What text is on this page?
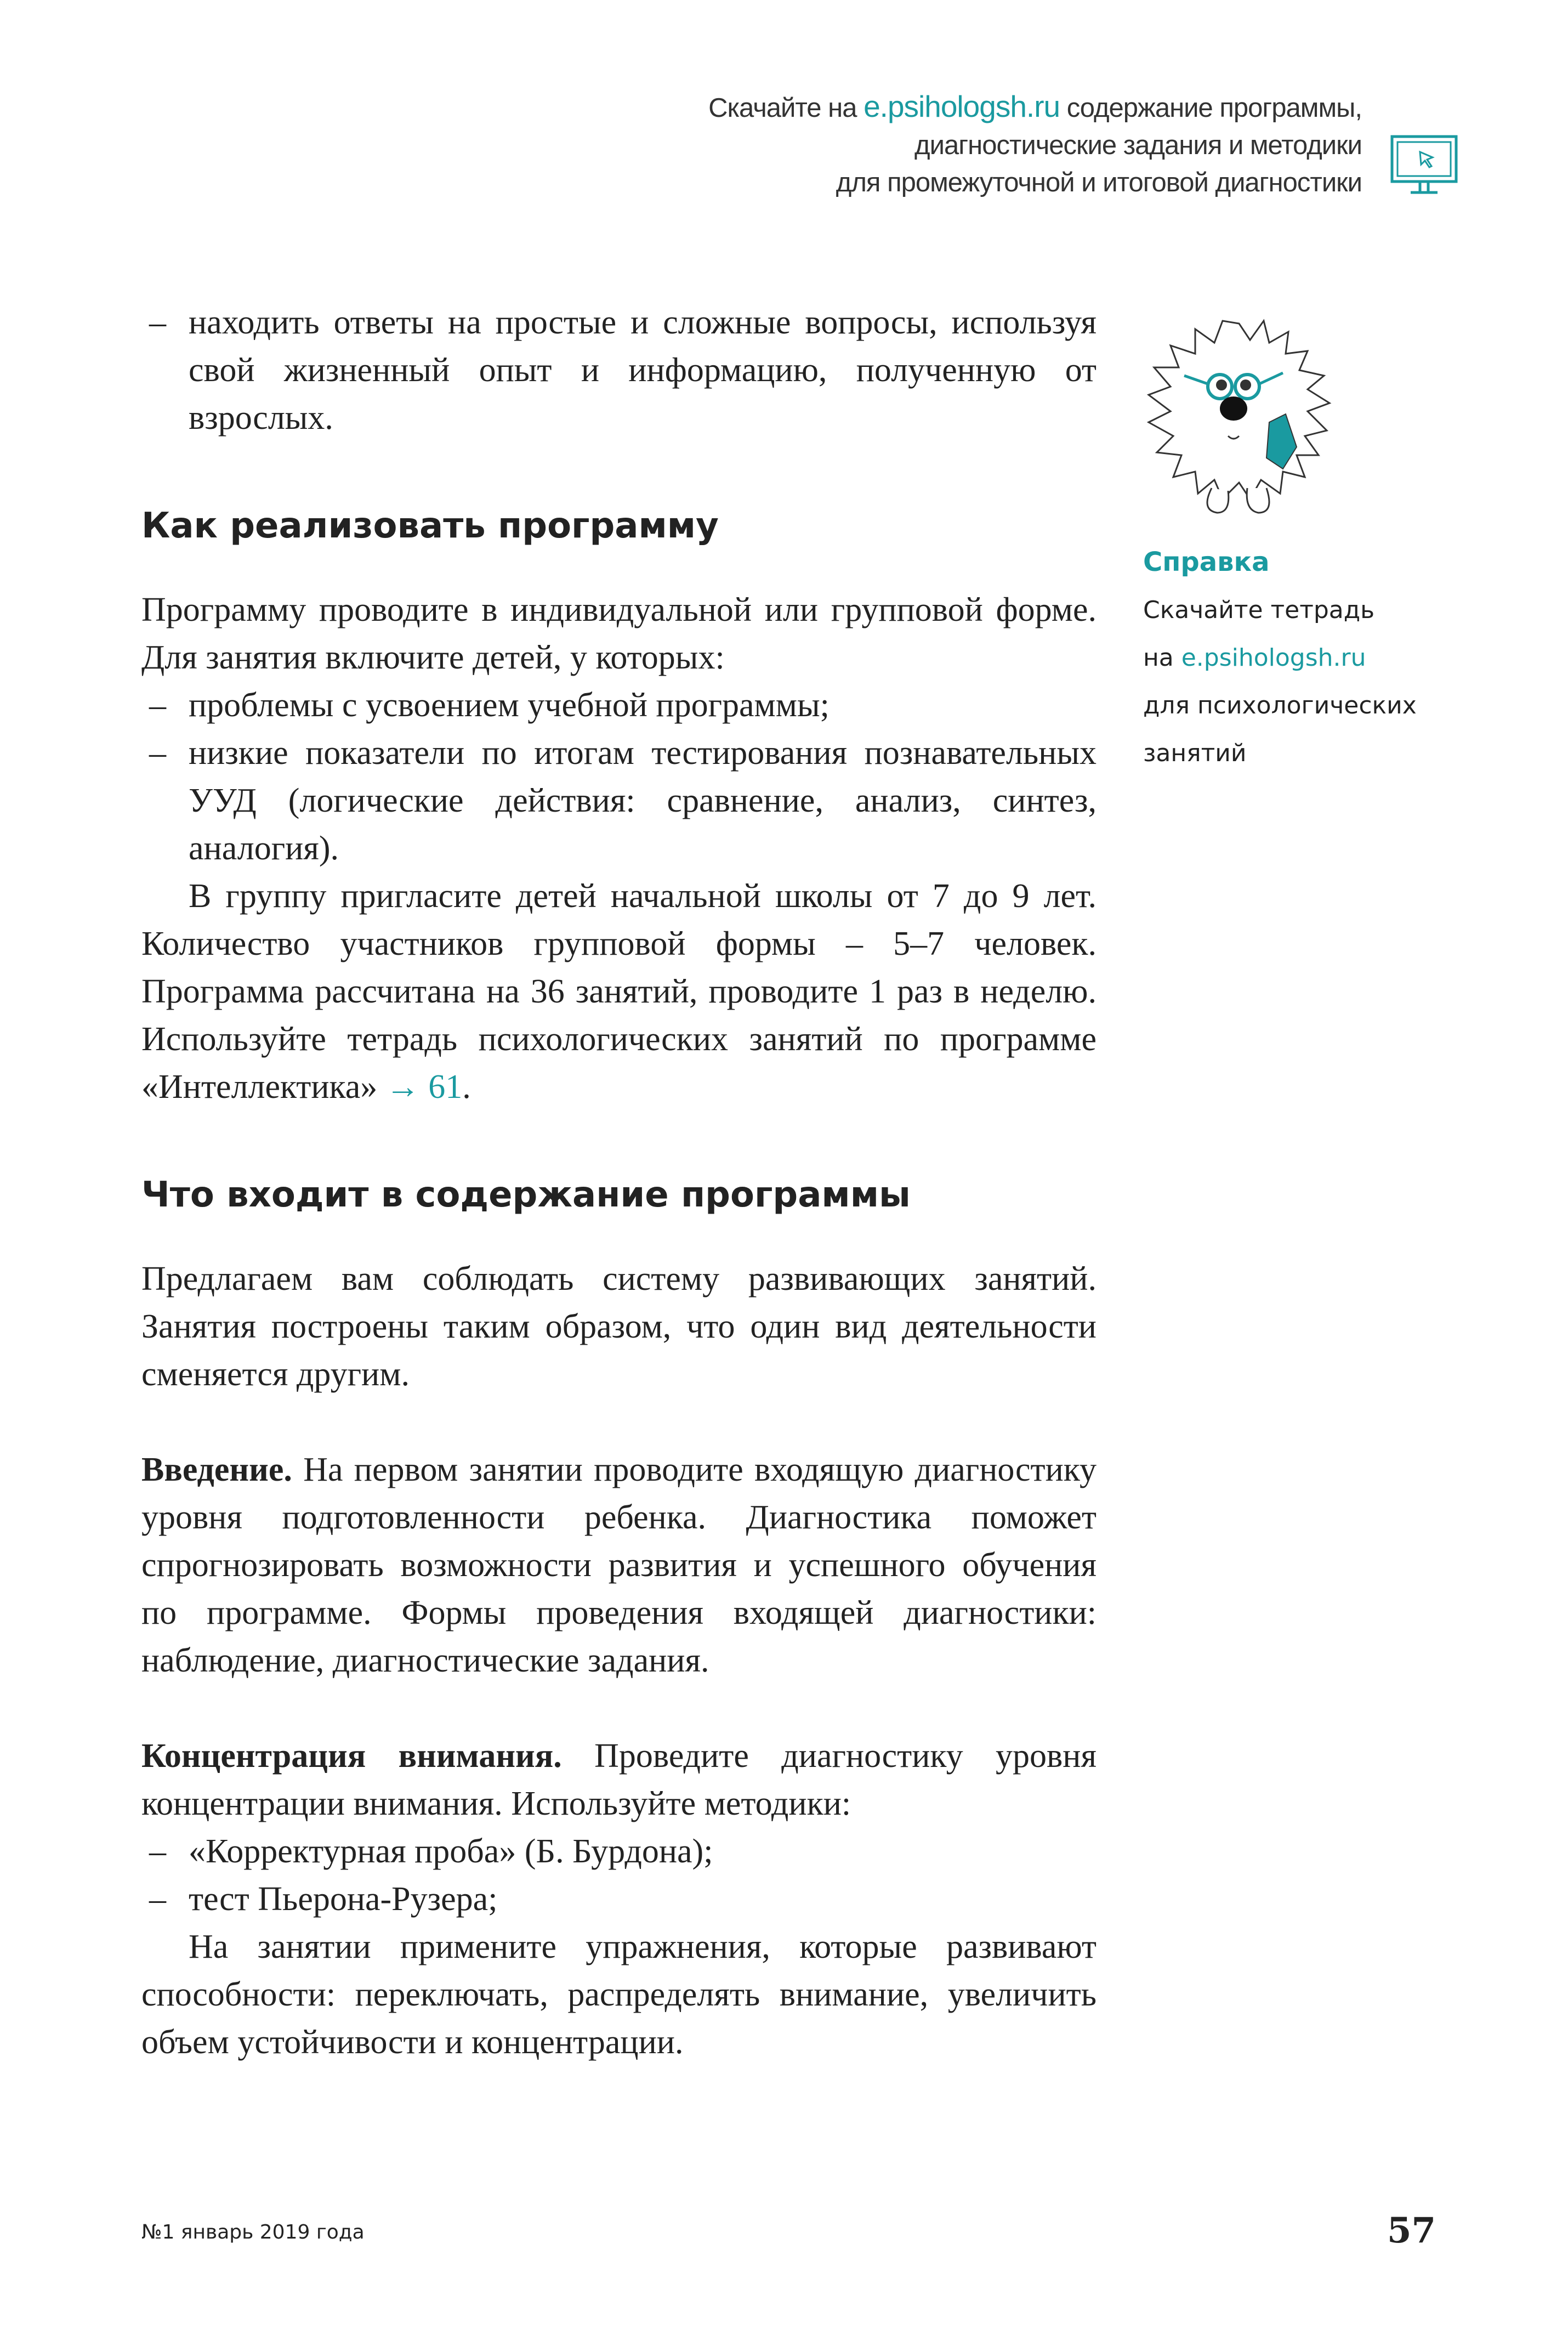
Скачайте на e.psihologsh.ru содержание программы,
диагностические задания и методики
для промежуточной и итоговой диагностики

– находить ответы на простые и сложные вопросы, используя свой жизненный опыт и информацию, полученную от взрослых.

Как реализовать программу

Программу проводите в индивидуальной или групповой форме. Для занятия включите детей, у которых:

– проблемы с усвоением учебной программы;

– низкие показатели по итогам тестирования познавательных УУД (логические действия: сравнение, анализ, синтез, аналогия).

В группу пригласите детей начальной школы от 7 до 9 лет. Количество участников групповой формы – 5–7 человек. Программа рассчитана на 36 занятий, проводите 1 раз в неделю. Используйте тетрадь психологических занятий по программе «Интеллектика» → 61.

Что входит в содержание программы

Предлагаем вам соблюдать систему развивающих занятий. Занятия построены таким образом, что один вид деятельности сменяется другим.

Введение. На первом занятии проводите входящую диагностику уровня подготовленности ребенка. Диагностика поможет спрогнозировать возможности развития и успешного обучения по программе. Формы проведения входящей диагностики: наблюдение, диагностические задания.

Концентрация внимания. Проведите диагностику уровня концентрации внимания. Используйте методики:

– «Корректурная проба» (Б. Бурдона);

– тест Пьерона-Рузера;

На занятии примените упражнения, которые развивают способности: переключать, распределять внимание, увеличить объем устойчивости и концентрации.

Справка
Скачайте тетрадь
на e.psihologsh.ru
для психологических
занятий
№1 январь 2019 года	57
